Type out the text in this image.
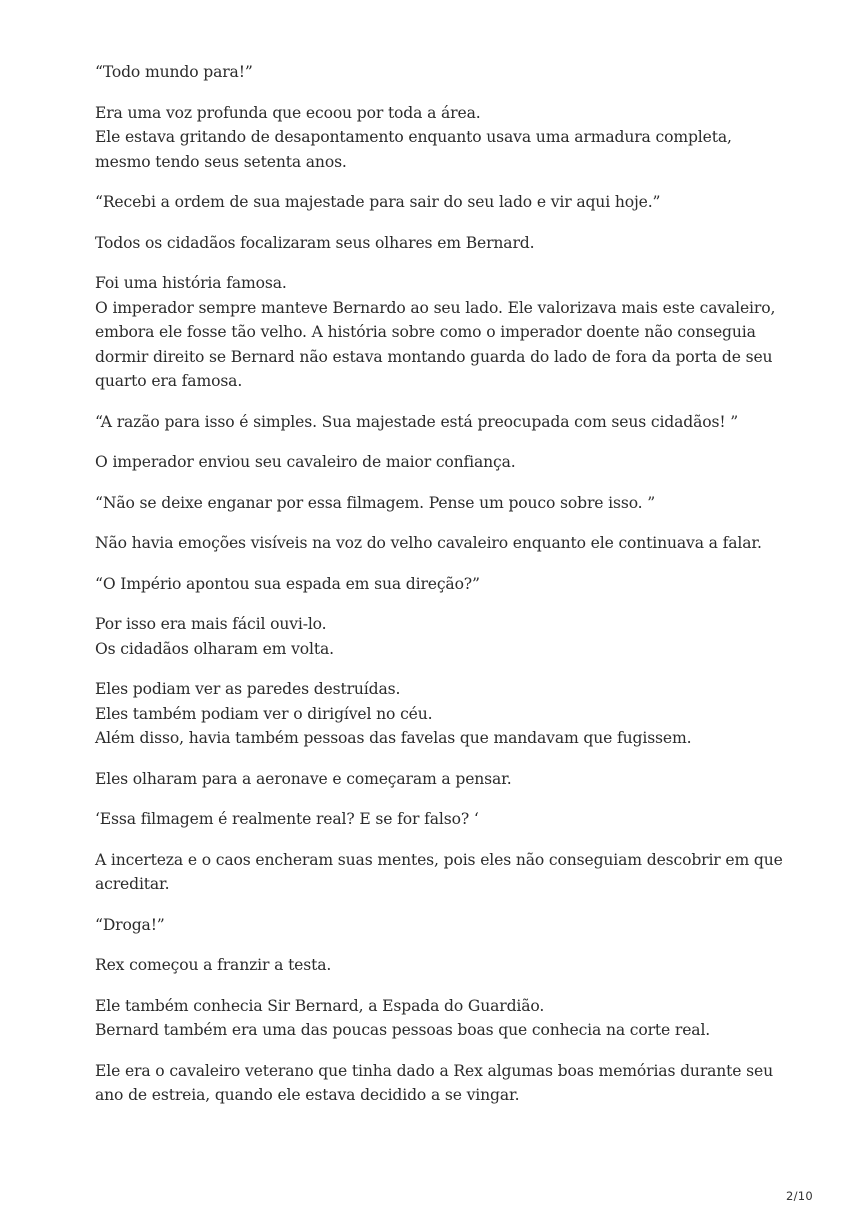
“Todo mundo para!”

Era uma voz profunda que ecoou por toda a área.
Ele estava gritando de desapontamento enquanto usava uma armadura completa,
mesmo tendo seus setenta anos.

“Recebi a ordem de sua majestade para sair do seu lado e vir aqui hoje.”

Todos os cidadãos focalizaram seus olhares em Bernard.

Foi uma história famosa.
O imperador sempre manteve Bernardo ao seu lado. Ele valorizava mais este cavaleiro,
embora ele fosse tão velho. A história sobre como o imperador doente não conseguia
dormir direito se Bernard não estava montando guarda do lado de fora da porta de seu
quarto era famosa.

“A razão para isso é simples. Sua majestade está preocupada com seus cidadãos! ”

O imperador enviou seu cavaleiro de maior confiança.

“Não se deixe enganar por essa filmagem. Pense um pouco sobre isso. ”

Não havia emoções visíveis na voz do velho cavaleiro enquanto ele continuava a falar.

“O Império apontou sua espada em sua direção?”

Por isso era mais fácil ouvi-lo.
Os cidadãos olharam em volta.

Eles podiam ver as paredes destruídas.
Eles também podiam ver o dirigível no céu.
Além disso, havia também pessoas das favelas que mandavam que fugissem.

Eles olharam para a aeronave e começaram a pensar.

‘Essa filmagem é realmente real? E se for falso? ‘

A incerteza e o caos encheram suas mentes, pois eles não conseguiam descobrir em que
acreditar.

“Droga!”

Rex começou a franzir a testa.

Ele também conhecia Sir Bernard, a Espada do Guardião.
Bernard também era uma das poucas pessoas boas que conhecia na corte real.

Ele era o cavaleiro veterano que tinha dado a Rex algumas boas memórias durante seu
ano de estreia, quando ele estava decidido a se vingar.

2/10
